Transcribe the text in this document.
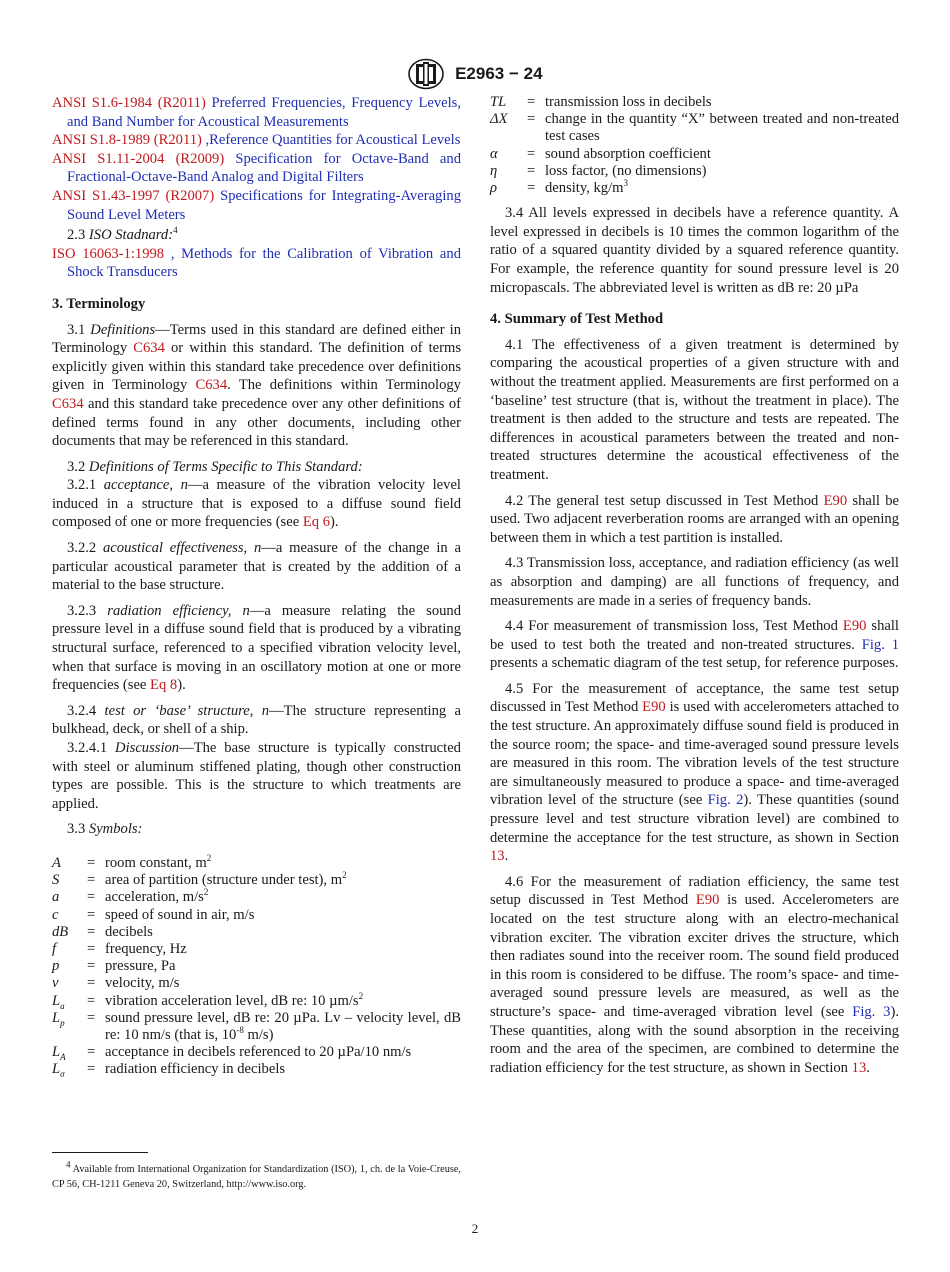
E2963 − 24

ANSI S1.6-1984 (R2011) Preferred Frequencies, Frequency Levels, and Band Number for Acoustical Measurements

ANSI S1.8-1989 (R2011) ,Reference Quantities for Acoustical Levels

ANSI S1.11-2004 (R2009) Specification for Octave-Band and Fractional-Octave-Band Analog and Digital Filters

ANSI S1.43-1997 (R2007) Specifications for Integrating-Averaging Sound Level Meters

2.3 ISO Stadnard:$^4$

ISO 16063-1:1998 , Methods for the Calibration of Vibration and Shock Transducers

3. Terminology

3.1 Definitions—Terms used in this standard are defined either in Terminology C634 or within this standard. The definition of terms explicitly given within this standard take precedence over definitions given in Terminology C634. The definitions within Terminology C634 and this standard take precedence over any other definitions of defined terms found in any other documents, including other documents that may be referenced in this standard.

3.2 Definitions of Terms Specific to This Standard:

3.2.1 acceptance, n—a measure of the vibration velocity level induced in a structure that is exposed to a diffuse sound field composed of one or more frequencies (see Eq 6).

3.2.2 acoustical effectiveness, n—a measure of the change in a particular acoustical parameter that is created by the addition of a material to the base structure.

3.2.3 radiation efficiency, n—a measure relating the sound pressure level in a diffuse sound field that is produced by a vibrating structural surface, referenced to a specified vibration velocity level, when that surface is moving in an oscillatory motion at one or more frequencies (see Eq 8).

3.2.4 test or ‘base’ structure, n—The structure representing a bulkhead, deck, or shell of a ship.

3.2.4.1 Discussion—The base structure is typically constructed with steel or aluminum stiffened plating, though other construction types are possible. This is the structure to which treatments are applied.

3.3 Symbols:

A	=	room constant, $m^2$
S	=	area of partition (structure under test), $m^2$
a	=	acceleration, $m/s^2$
c	=	speed of sound in air, m/s
dB	=	decibels
f	=	frequency, Hz
p	=	pressure, Pa
v	=	velocity, m/s
$L_a$	=	vibration acceleration level, dB re: 10 $\mu m/s^2$
$L_p$	=	sound pressure level, dB re: 20 µPa. Lv – velocity level, dB re: 10 nm/s (that is, $10^{-8}$ m/s)
$L_A$	=	acceptance in decibels referenced to 20 µPa/10 nm/s
$L_\sigma$	=	radiation efficiency in decibels
$^4$ Available from International Organization for Standardization (ISO), 1, ch. de la Voie-Creuse, CP 56, CH-1211 Geneva 20, Switzerland, http://www.iso.org.
TL	=	transmission loss in decibels
ΔX	=	change in the quantity “X” between treated and non-treated test cases
α	=	sound absorption coefficient
η	=	loss factor, (no dimensions)
ρ	=	density, $kg/m^3$

3.4 All levels expressed in decibels have a reference quantity. A level expressed in decibels is 10 times the common logarithm of the ratio of a squared quantity divided by a squared reference quantity. For example, the reference quantity for sound pressure level is 20 micropascals. The abbreviated level is written as dB re: 20 µPa

4. Summary of Test Method

4.1 The effectiveness of a given treatment is determined by comparing the acoustical properties of a given structure with and without the treatment applied. Measurements are first performed on a ‘baseline’ test structure (that is, without the treatment in place). The treatment is then added to the structure and tests are repeated. The differences in acoustical parameters between the treated and non-treated structures determine the acoustical effectiveness of the treatment.

4.2 The general test setup discussed in Test Method E90 shall be used. Two adjacent reverberation rooms are arranged with an opening between them in which a test partition is installed.

4.3 Transmission loss, acceptance, and radiation efficiency (as well as absorption and damping) are all functions of frequency, and measurements are made in a series of frequency bands.

4.4 For measurement of transmission loss, Test Method E90 shall be used to test both the treated and non-treated structures. Fig. 1 presents a schematic diagram of the test setup, for reference purposes.

4.5 For the measurement of acceptance, the same test setup discussed in Test Method E90 is used with accelerometers attached to the test structure. An approximately diffuse sound field is produced in the source room; the space- and time-averaged sound pressure levels are measured in this room. The vibration levels of the test structure are simultaneously measured to produce a space- and time-averaged vibration level of the structure (see Fig. 2). These quantities (sound pressure level and test structure vibration level) are combined to determine the acceptance for the test structure, as shown in Section 13.

4.6 For the measurement of radiation efficiency, the same test setup discussed in Test Method E90 is used. Accelerometers are located on the test structure along with an electro-mechanical vibration exciter. The vibration exciter drives the structure, which then radiates sound into the receiver room. The sound field produced in this room is considered to be diffuse. The room’s space- and time-averaged sound pressure levels are measured, as well as the structure’s space- and time-averaged vibration level (see Fig. 3). These quantities, along with the sound absorption in the receiving room and the area of the specimen, are combined to determine the radiation efficiency for the test structure, as shown in Section 13.

2
